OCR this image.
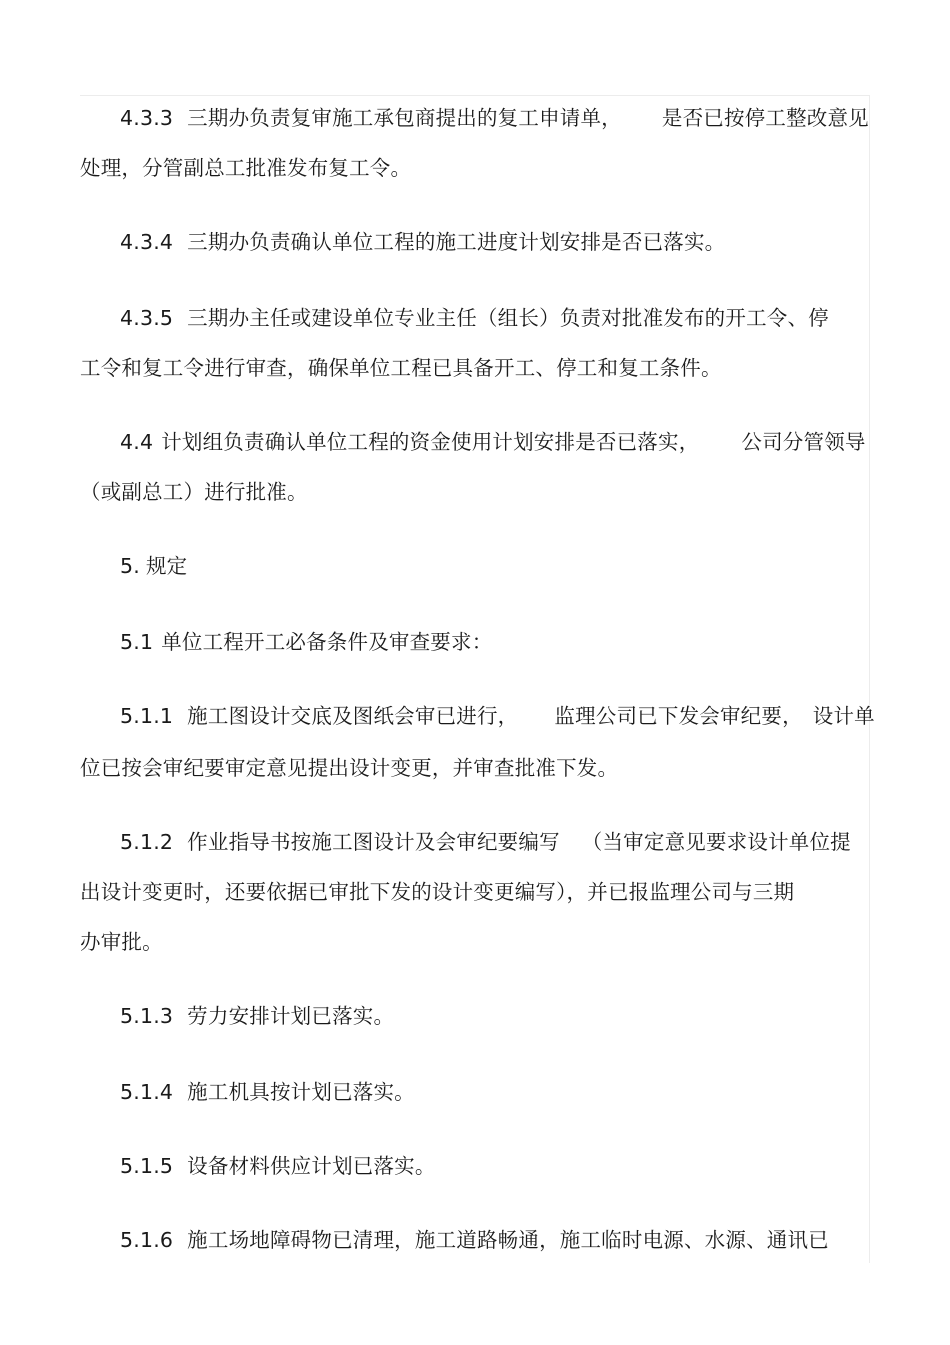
4.3.3 三期办负责复审施工承包商提出的复工申请单， 是否已按停工整改意见
处理，分管副总工批准发布复工令。
4.3.4 三期办负责确认单位工程的施工进度计划安排是否已落实。
4.3.5 三期办主任或建设单位专业主任（组长）负责对批准发布的开工令、停
工令和复工令进行审查，确保单位工程已具备开工、停工和复工条件。
4.4 计划组负责确认单位工程的资金使用计划安排是否已落实， 公司分管领导
（或副总工）进行批准。
5. 规定
5.1 单位工程开工必备条件及审查要求：
5.1.1 施工图设计交底及图纸会审已进行， 监理公司已下发会审纪要， 设计单
位已按会审纪要审定意见提出设计变更，并审查批准下发。
5.1.2 作业指导书按施工图设计及会审纪要编写 （当审定意见要求设计单位提
出设计变更时，还要依据已审批下发的设计变更编写），并已报监理公司与三期
办审批。
5.1.3 劳力安排计划已落实。
5.1.4 施工机具按计划已落实。
5.1.5 设备材料供应计划已落实。
5.1.6 施工场地障碍物已清理，施工道路畅通，施工临时电源、水源、通讯已
